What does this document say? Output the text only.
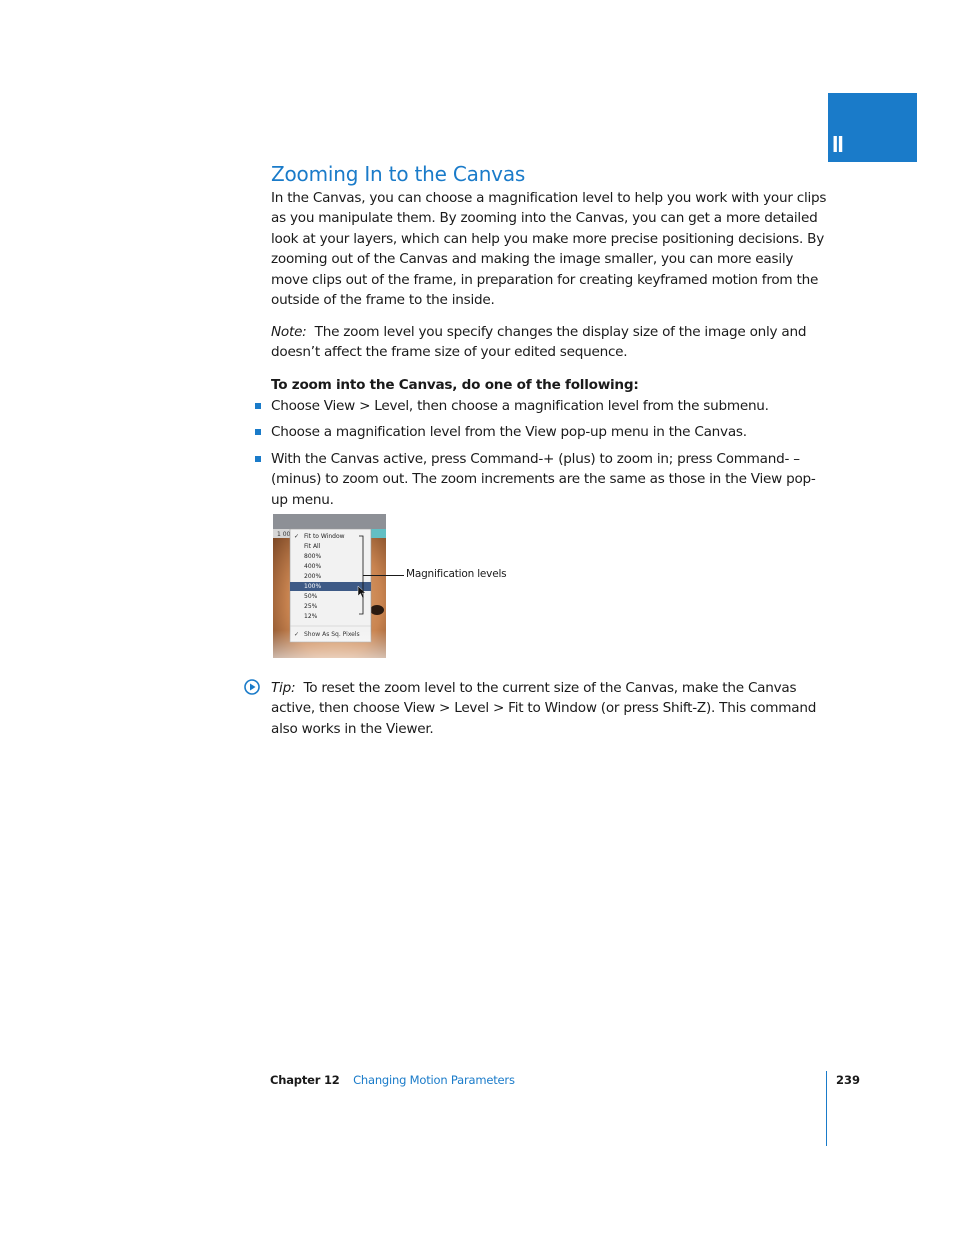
II
Zooming In to the Canvas

In the Canvas, you can choose a magnification level to help you work with your clips as you manipulate them. By zooming into the Canvas, you can get a more detailed look at your layers, which can help you make more precise positioning decisions. By zooming out of the Canvas and making the image smaller, you can more easily move clips out of the frame, in preparation for creating keyframed motion from the outside of the frame to the inside.

Note: The zoom level you specify changes the display size of the image only and doesn’t affect the frame size of your edited sequence.

To zoom into the Canvas, do one of the following:

Choose View > Level, then choose a magnification level from the submenu.
Choose a magnification level from the View pop-up menu in the Canvas.
With the Canvas active, press Command-+ (plus) to zoom in; press Command- – (minus) to zoom out. The zoom increments are the same as those in the View pop-up menu.
1 00 ✓ Fit to Window
Fit All
800%
400%
200%
100%
50%
25%
12%
Magnification levels

Tip: To reset the zoom level to the current size of the Canvas, make the Canvas active, then choose View > Level > Fit to Window (or press Shift-Z). This command also works in the Viewer.

Chapter 12 Changing Motion Parameters	239
